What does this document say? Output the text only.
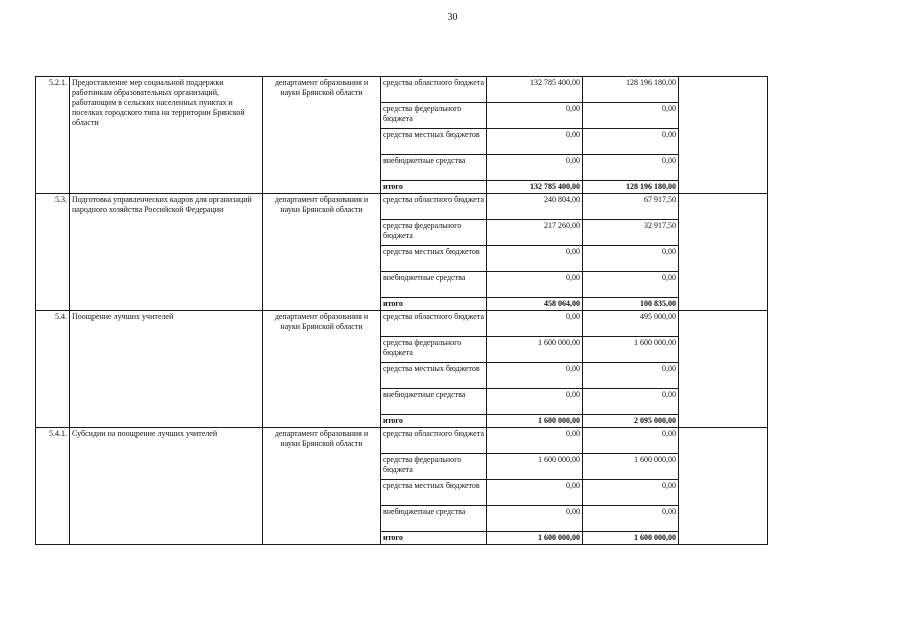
30
5.2.1.	Предоставление мер социальной поддержки работникам образовательных организаций, работающим в сельских населенных пунктах и поселках городского типа на территории Брянской области	департамент образования и науки Брянской области	средства областного бюджета	132 785 400,00	128 196 180,00	
			средства федерального бюджета	0,00	0,00	
			средства местных бюджетов	0,00	0,00	
			внебюджетные средства	0,00	0,00	
			итого	132 785 400,00	128 196 180,00	
5.3.	Подготовка управленческих кадров для организаций народного хозяйства Российской Федерации	департамент образования и науки Брянской области	средства областного бюджета	240 804,00	67 917,50	
			средства федерального бюджета	217 260,00	32 917,50	
			средства местных бюджетов	0,00	0,00	
			внебюджетные средства	0,00	0,00	
			итого	458 064,00	100 835,00	
5.4.	Поощрение лучших учителей	департамент образования и науки Брянской области	средства областного бюджета	0,00	495 000,00	
			средства федерального бюджета	1 600 000,00	1 600 000,00	
			средства местных бюджетов	0,00	0,00	
			внебюджетные средства	0,00	0,00	
			итого	1 600 000,00	2 095 000,00	
5.4.1.	Субсидии на поощрение лучших учителей	департамент образования и науки Брянской области	средства областного бюджета	0,00	0,00	
			средства федерального бюджета	1 600 000,00	1 600 000,00	
			средства местных бюджетов	0,00	0,00	
			внебюджетные средства	0,00	0,00	
			итого	1 600 000,00	1 600 000,00	
